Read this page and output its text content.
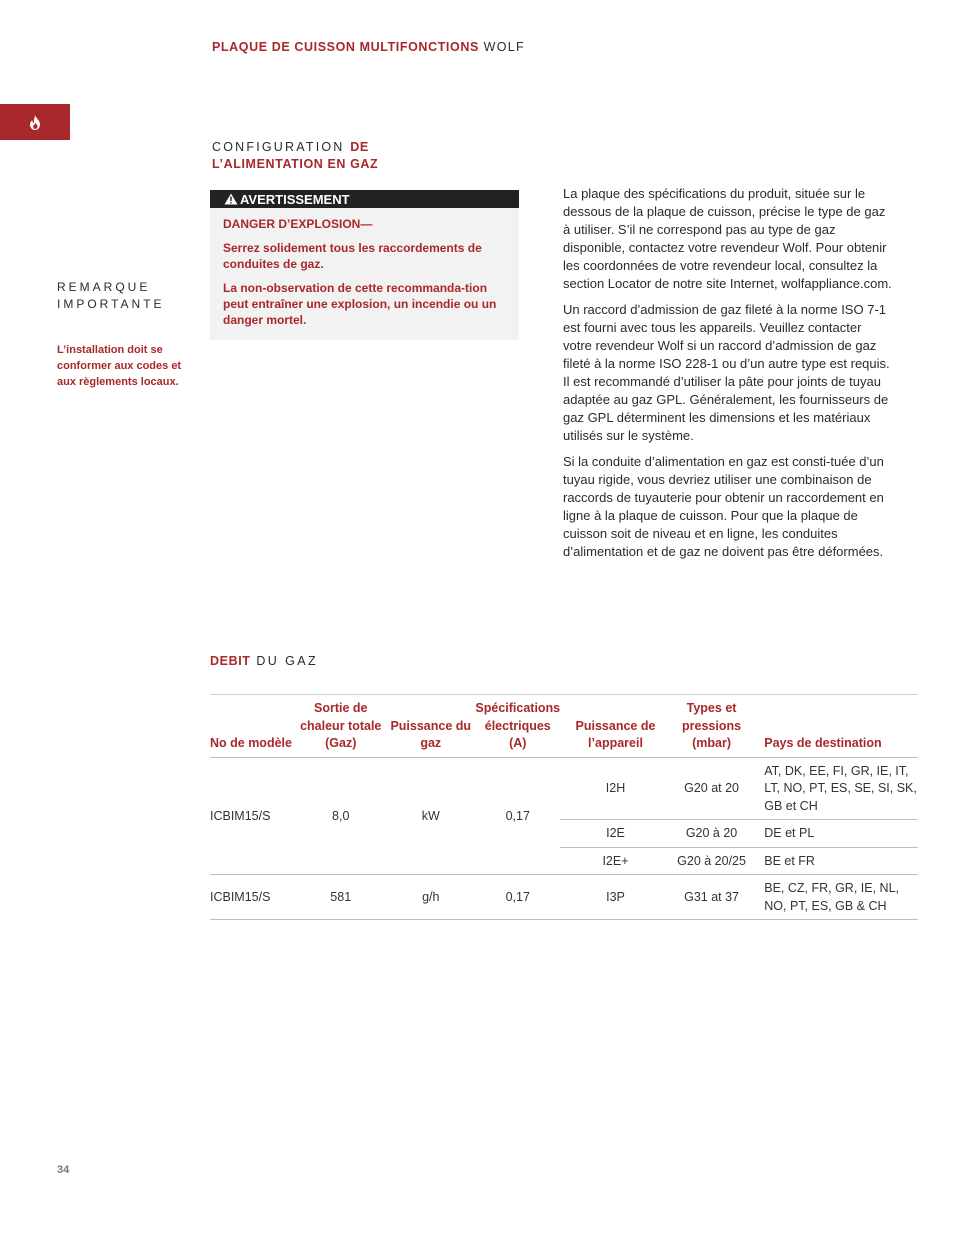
PLAQUE DE CUISSON MULTIFONCTIONS WOLF
CONFIGURATION DE
L’ALIMENTATION EN GAZ
AVERTISSEMENT

DANGER D’EXPLOSION—

Serrez solidement tous les raccordements de conduites de gaz.

La non-observation de cette recommanda-tion peut entraîner une explosion, un incendie ou un danger mortel.

REMARQUE
IMPORTANTE
L’installation doit se conformer aux codes et aux règlements locaux.

La plaque des spécifications du produit, située sur le dessous de la plaque de cuisson, précise le type de gaz à utiliser. S’il ne correspond pas au type de gaz disponible, contactez votre revendeur Wolf. Pour obtenir les coordonnées de votre revendeur local, consultez la section Locator de notre site Internet, wolfappliance.com.

Un raccord d’admission de gaz fileté à la norme ISO 7-1 est fourni avec tous les appareils. Veuillez contacter votre revendeur Wolf si un raccord d’admission de gaz fileté à la norme ISO 228-1 ou d’un autre type est requis. Il est recommandé d’utiliser la pâte pour joints de tuyau adaptée au gaz GPL. Généralement, les fournisseurs de gaz GPL déterminent les dimensions et les matériaux utilisés sur le système.

Si la conduite d’alimentation en gaz est consti-tuée d’un tuyau rigide, vous devriez utiliser une combinaison de raccords de tuyauterie pour obtenir un raccordement en ligne à la plaque de cuisson. Pour que la plaque de cuisson soit de niveau et en ligne, les conduites d’alimentation et de gaz ne doivent pas être déformées.

DEBIT DU GAZ
No de modèle	Sortie de chaleur totale (Gaz)	Puissance du gaz	Spécifications électriques (A)	Puissance de l’appareil	Types et pressions (mbar)	Pays de destination
ICBIM15/S	8,0	kW	0,17	I2H	G20 at 20	AT, DK, EE, FI, GR, IE, IT, LT, NO, PT, ES, SE, SI, SK, GB et CH
				I2E	G20 à 20	DE et PL
				I2E+	G20 à 20/25	BE et FR
ICBIM15/S	581	g/h	0,17	I3P	G31 at 37	BE, CZ, FR, GR, IE, NL, NO, PT, ES, GB & CH
34
